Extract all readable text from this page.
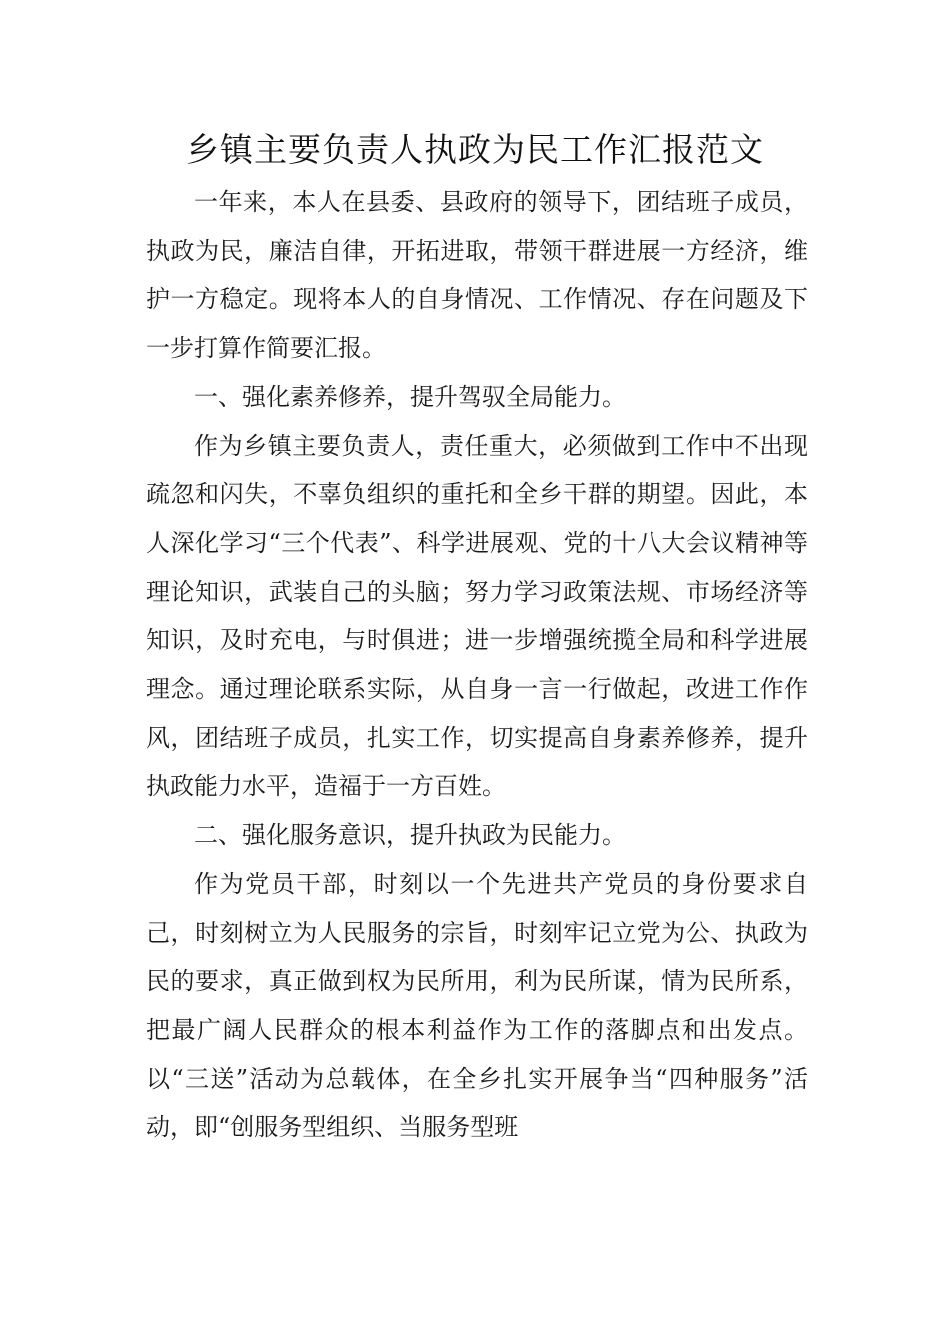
乡镇主要负责人执政为民工作汇报范文

一年来，本人在县委、县政府的领导下，团结班子成员，执政为民，廉洁自律，开拓进取，带领干群进展一方经济，维护一方稳定。现将本人的自身情况、工作情况、存在问题及下一步打算作简要汇报。

一、强化素养修养，提升驾驭全局能力。

作为乡镇主要负责人，责任重大，必须做到工作中不出现疏忽和闪失，不辜负组织的重托和全乡干群的期望。因此，本人深化学习“三个代表”、科学进展观、党的十八大会议精神等理论知识，武装自己的头脑；努力学习政策法规、市场经济等知识，及时充电，与时俱进；进一步增强统揽全局和科学进展理念。通过理论联系实际，从自身一言一行做起，改进工作作风，团结班子成员，扎实工作，切实提高自身素养修养，提升执政能力水平，造福于一方百姓。

二、强化服务意识，提升执政为民能力。

作为党员干部，时刻以一个先进共产党员的身份要求自己，时刻树立为人民服务的宗旨，时刻牢记立党为公、执政为民的要求，真正做到权为民所用，利为民所谋，情为民所系，把最广阔人民群众的根本利益作为工作的落脚点和出发点。以“三送”活动为总载体，在全乡扎实开展争当“四种服务”活动，即“创服务型组织、当服务型班
